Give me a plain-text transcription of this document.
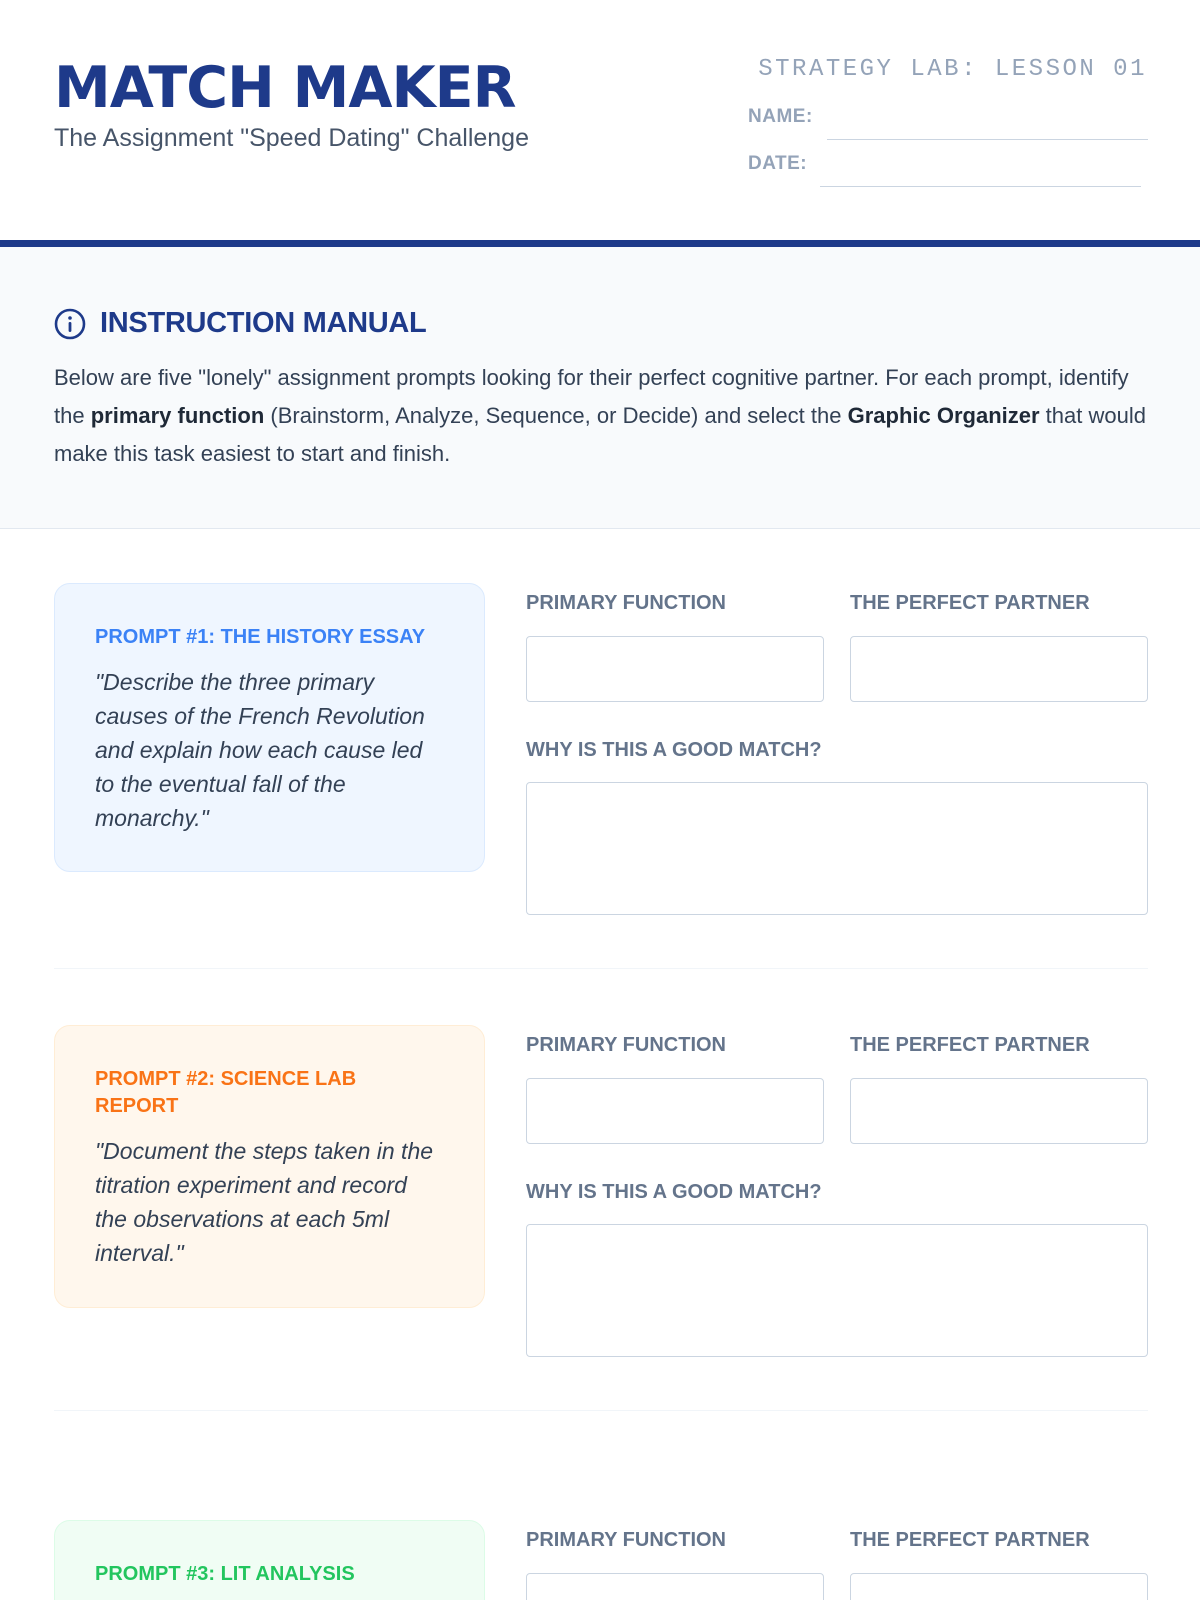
MATCH MAKER
The Assignment "Speed Dating" Challenge
STRATEGY LAB: LESSON 01
NAME:
DATE:
INSTRUCTION MANUAL

Below are five "lonely" assignment prompts looking for their perfect cognitive partner. For each prompt, identify the primary function (Brainstorm, Analyze, Sequence, or Decide) and select the Graphic Organizer that would make this task easiest to start and finish.

PROMPT #1: THE HISTORY ESSAY
"Describe the three primary causes of the French Revolution and explain how each cause led to the eventual fall of the monarchy."
PRIMARY FUNCTION	THE PERFECT PARTNER
WHY IS THIS A GOOD MATCH?
PROMPT #2: SCIENCE LAB REPORT
"Document the steps taken in the titration experiment and record the observations at each 5ml interval."
PRIMARY FUNCTION	THE PERFECT PARTNER
WHY IS THIS A GOOD MATCH?
PROMPT #3: LIT ANALYSIS
PRIMARY FUNCTION	THE PERFECT PARTNER
